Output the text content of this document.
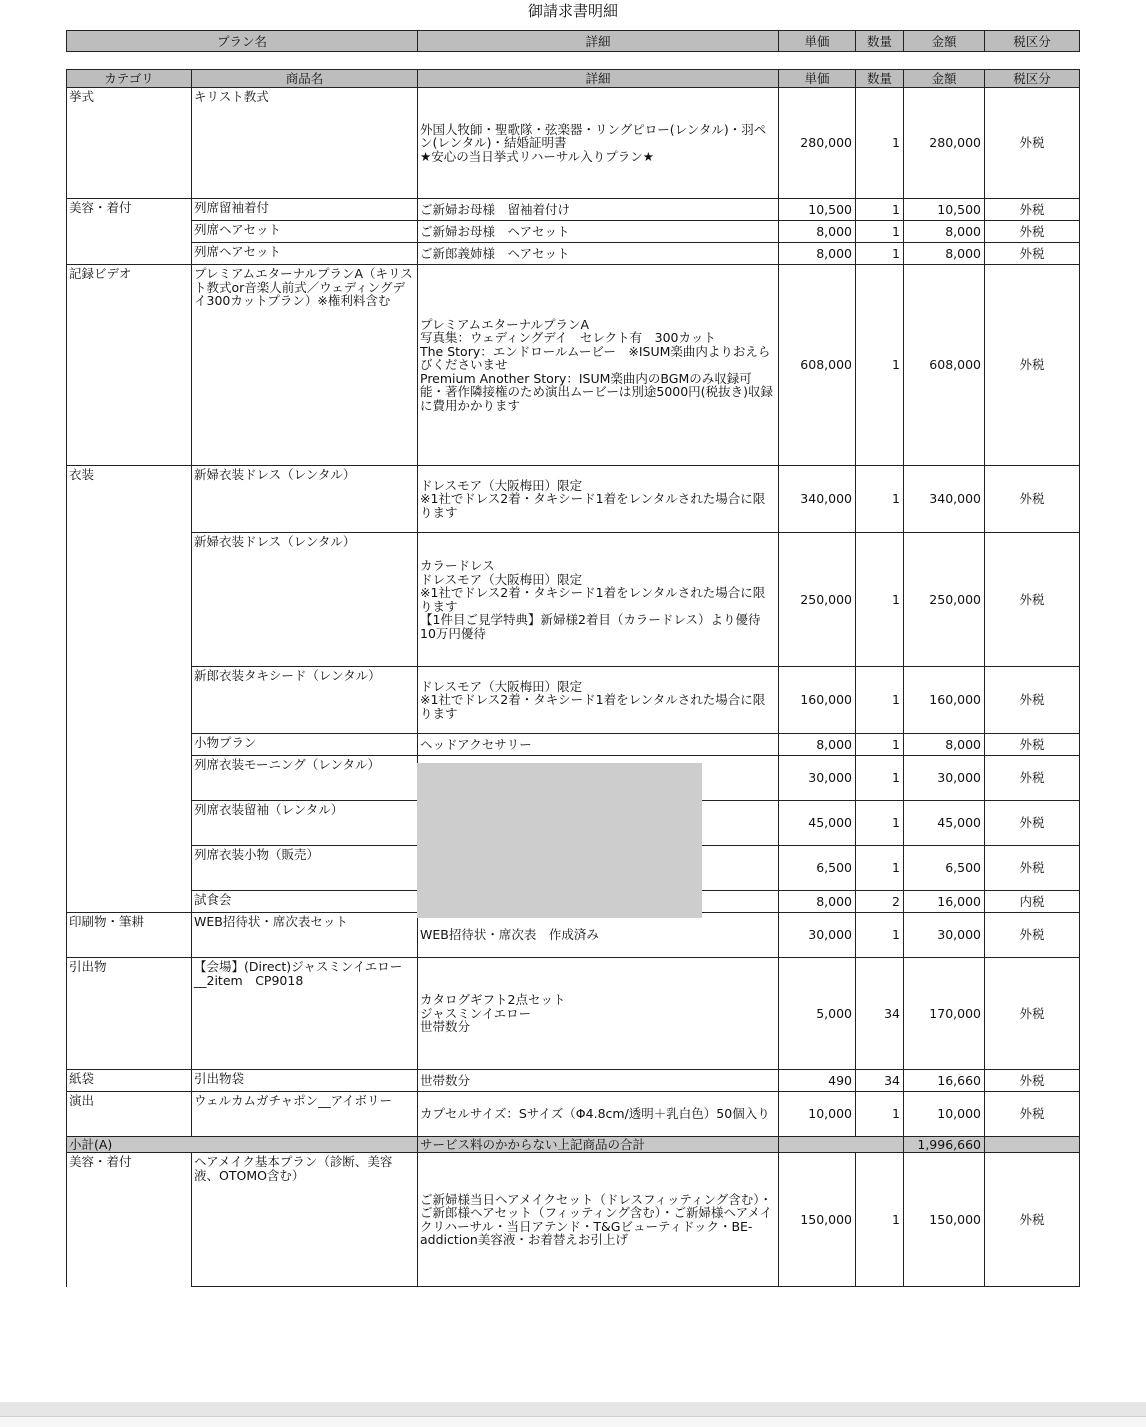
御請求書明細
プラン名	詳細	単価	数量	金額	税区分
カテゴリ	商品名	詳細	単価	数量	金額	税区分
挙式	キリスト教式	外国人牧師・聖歌隊・弦楽器・リングピロー(レンタル)・羽ペン(レンタル)・結婚証明書
★安心の当日挙式リハーサル入りプラン★	280,000	1	280,000	外税
美容・着付	列席留袖着付	ご新婦お母様　留袖着付け	10,500	1	10,500	外税
	列席ヘアセット	ご新婦お母様　ヘアセット	8,000	1	8,000	外税
	列席ヘアセット	ご新郎義姉様　ヘアセット	8,000	1	8,000	外税
記録ビデオ	プレミアムエターナルプランA（キリスト教式or音楽人前式／ウェディングデイ300カットプラン）※権利料含む	プレミアムエターナルプランA
写真集：ウェディングデイ　セレクト有　300カット
The Story：エンドロールムービー　※ISUM楽曲内よりおえらびくださいませ
Premium Another Story：ISUM楽曲内のBGMのみ収録可能・著作隣接権のため演出ムービーは別途5000円(税抜き)収録に費用かかります	608,000	1	608,000	外税
衣装	新婦衣装ドレス（レンタル）	ドレスモア（大阪梅田）限定
※1社でドレス2着・タキシード1着をレンタルされた場合に限ります	340,000	1	340,000	外税
	新婦衣装ドレス（レンタル）	カラードレス
ドレスモア（大阪梅田）限定
※1社でドレス2着・タキシード1着をレンタルされた場合に限ります
【1件目ご見学特典】新婦様2着目（カラードレス）より優待10万円優待	250,000	1	250,000	外税
	新郎衣装タキシード（レンタル）	ドレスモア（大阪梅田）限定
※1社でドレス2着・タキシード1着をレンタルされた場合に限ります	160,000	1	160,000	外税
	小物プラン	ヘッドアクセサリー	8,000	1	8,000	外税
	列席衣装モーニング（レンタル）		30,000	1	30,000	外税
	列席衣装留袖（レンタル）		45,000	1	45,000	外税
	列席衣装小物（販売）		6,500	1	6,500	外税
	試食会		8,000	2	16,000	内税
印刷物・筆耕	WEB招待状・席次表セット	WEB招待状・席次表　作成済み	30,000	1	30,000	外税
引出物	【会場】(Direct)ジャスミンイエロー__2item　CP9018	カタログギフト2点セット
ジャスミンイエロー
世帯数分	5,000	34	170,000	外税
紙袋	引出物袋	世帯数分	490	34	16,660	外税
演出	ウェルカムガチャポン__アイボリー	カプセルサイズ：Sサイズ（Φ4.8cm/透明＋乳白色）50個入り	10,000	1	10,000	外税
小計(A)		サービス料のかからない上記商品の合計			1,996,660	
美容・着付	ヘアメイク基本プラン（診断、美容液、OTOMO含む）	ご新婦様当日ヘアメイクセット（ドレスフィッティング含む）・ご新郎様ヘアセット（フィッティング含む）・ご新婦様ヘアメイクリハーサル・当日アテンド・T&Gビューティドック・BE-addiction美容液・お着替えお引上げ	150,000	1	150,000	外税
